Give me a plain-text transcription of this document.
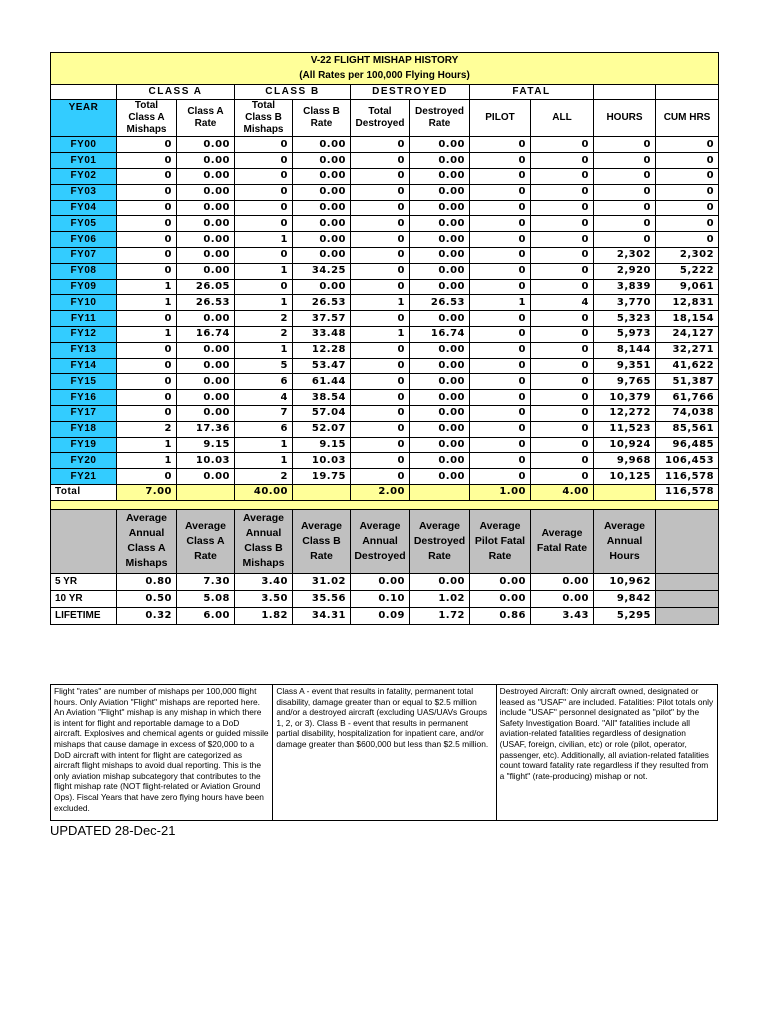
V-22 FLIGHT MISHAP HISTORY										
(All Rates per 100,000 Flying Hours)										
	CLASS A		CLASS B		DESTROYED		FATAL			
YEAR	Total Class A Mishaps	Class A Rate	Total Class B Mishaps	Class B Rate	Total Destroyed	Destroyed Rate	PILOT	ALL	HOURS	CUM HRS
FY00	0	0.00	0	0.00	0	0.00	0	0	0	0
FY01	0	0.00	0	0.00	0	0.00	0	0	0	0
FY02	0	0.00	0	0.00	0	0.00	0	0	0	0
FY03	0	0.00	0	0.00	0	0.00	0	0	0	0
FY04	0	0.00	0	0.00	0	0.00	0	0	0	0
FY05	0	0.00	0	0.00	0	0.00	0	0	0	0
FY06	0	0.00	1	0.00	0	0.00	0	0	0	0
FY07	0	0.00	0	0.00	0	0.00	0	0	2,302	2,302
FY08	0	0.00	1	34.25	0	0.00	0	0	2,920	5,222
FY09	1	26.05	0	0.00	0	0.00	0	0	3,839	9,061
FY10	1	26.53	1	26.53	1	26.53	1	4	3,770	12,831
FY11	0	0.00	2	37.57	0	0.00	0	0	5,323	18,154
FY12	1	16.74	2	33.48	1	16.74	0	0	5,973	24,127
FY13	0	0.00	1	12.28	0	0.00	0	0	8,144	32,271
FY14	0	0.00	5	53.47	0	0.00	0	0	9,351	41,622
FY15	0	0.00	6	61.44	0	0.00	0	0	9,765	51,387
FY16	0	0.00	4	38.54	0	0.00	0	0	10,379	61,766
FY17	0	0.00	7	57.04	0	0.00	0	0	12,272	74,038
FY18	2	17.36	6	52.07	0	0.00	0	0	11,523	85,561
FY19	1	9.15	1	9.15	0	0.00	0	0	10,924	96,485
FY20	1	10.03	1	10.03	0	0.00	0	0	9,968	106,453
FY21	0	0.00	2	19.75	0	0.00	0	0	10,125	116,578
Total	7.00		40.00		2.00		1.00	4.00		116,578

	Average Annual Class A Mishaps	Average Class A Rate	Average Annual Class B Mishaps	Average Class B Rate	Average Annual Destroyed	Average Destroyed Rate	Average Pilot Fatal Rate	Average Fatal Rate	Average Annual Hours	
5 YR	0.80	7.30	3.40	31.02	0.00	0.00	0.00	0.00	10,962	
10 YR	0.50	5.08	3.50	35.56	0.10	1.02	0.00	0.00	9,842	
LIFETIME	0.32	6.00	1.82	34.31	0.09	1.72	0.86	3.43	5,295	
Flight "rates" are number of mishaps per 100,000 flight hours. Only Aviation "Flight" mishaps are reported here. An Aviation "Flight" mishap is any mishap in which there is intent for flight and reportable damage to a DoD aircraft. Explosives and chemical agents or guided missile mishaps that cause damage in excess of $20,000 to a DoD aircraft with intent for flight are categorized as aircraft flight mishaps to avoid dual reporting. This is the only aviation mishap subcategory that contributes to the flight mishap rate (NOT flight-related or Aviation Ground Ops). Fiscal Years that have zero flying hours have been excluded.
Class A - event that results in fatality, permanent total disability, damage greater than or equal to $2.5 million and/or a destroyed aircraft (excluding UAS/UAVs Groups 1, 2, or 3). Class B - event that results in permanent partial disability, hospitalization for inpatient care, and/or damage greater than $600,000 but less than $2.5 million.
Destroyed Aircraft: Only aircraft owned, designated or leased as "USAF" are included. Fatalities: Pilot totals only include "USAF" personnel designated as "pilot" by the Safety Investigation Board. "All" fatalities include all aviation-related fatalities regardless of designation (USAF, foreign, civilian, etc) or role (pilot, operator, passenger, etc). Additionally, all aviation-related fatalities count toward fatality rate regardless if they resulted from a "flight" (rate-producing) mishap or not.
UPDATED 28-Dec-21
